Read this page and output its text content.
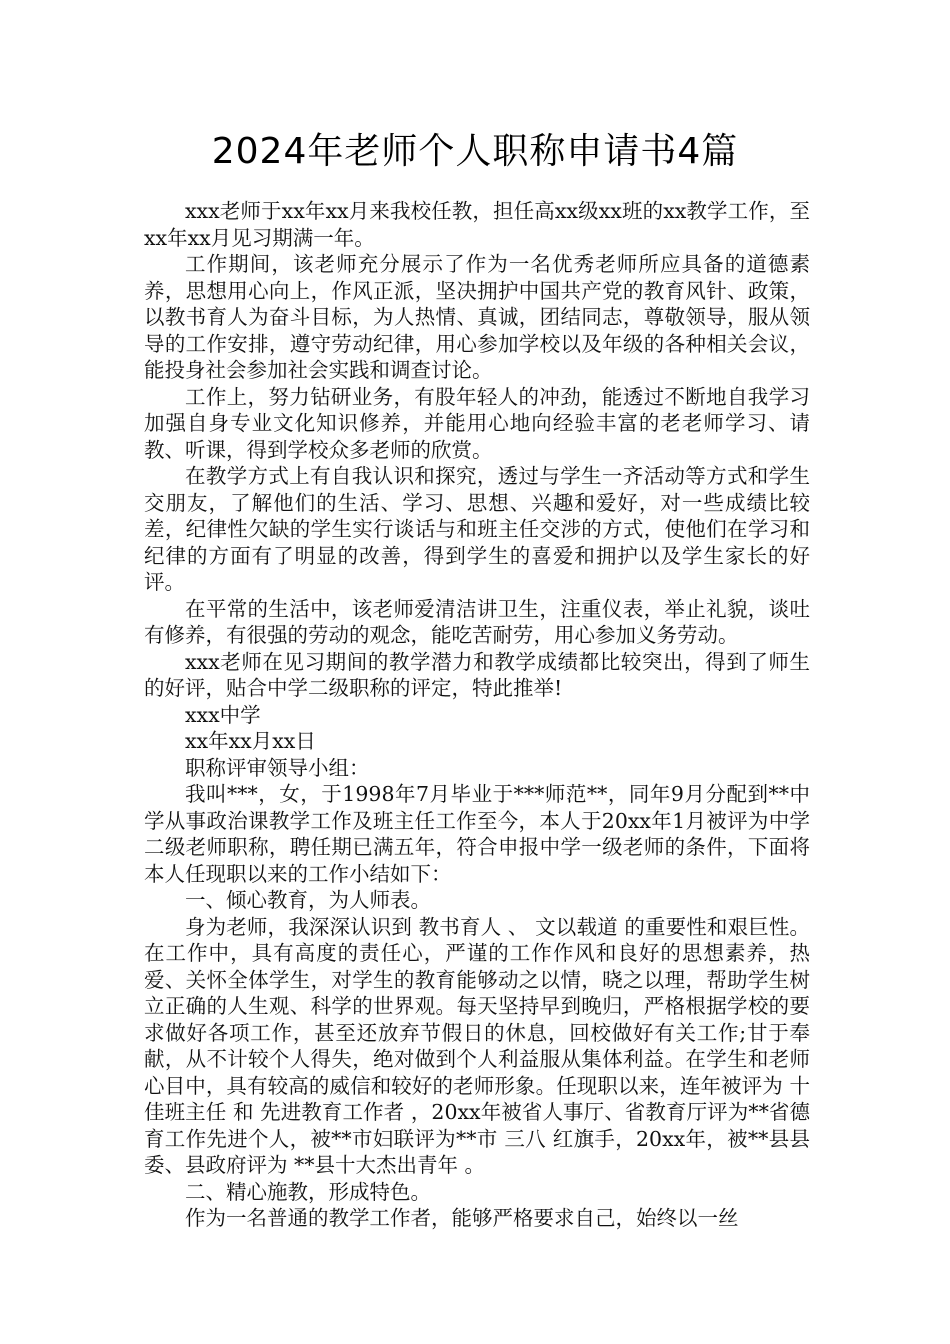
2024年老师个人职称申请书4篇

xxx老师于xx年xx月来我校任教，担任高xx级xx班的xx教学工作，至xx年xx月见习期满一年。

工作期间，该老师充分展示了作为一名优秀老师所应具备的道德素养，思想用心向上，作风正派，坚决拥护中国共产党的教育风针、政策，以教书育人为奋斗目标，为人热情、真诚，团结同志，尊敬领导，服从领导的工作安排，遵守劳动纪律，用心参加学校以及年级的各种相关会议，能投身社会参加社会实践和调查讨论。

工作上，努力钻研业务，有股年轻人的冲劲，能透过不断地自我学习加强自身专业文化知识修养，并能用心地向经验丰富的老老师学习、请教、听课，得到学校众多老师的欣赏。

在教学方式上有自我认识和探究，透过与学生一齐活动等方式和学生交朋友，了解他们的生活、学习、思想、兴趣和爱好，对一些成绩比较差，纪律性欠缺的学生实行谈话与和班主任交涉的方式，使他们在学习和纪律的方面有了明显的改善，得到学生的喜爱和拥护以及学生家长的好评。

在平常的生活中，该老师爱清洁讲卫生，注重仪表，举止礼貌，谈吐有修养，有很强的劳动的观念，能吃苦耐劳，用心参加义务劳动。

xxx老师在见习期间的教学潜力和教学成绩都比较突出，得到了师生的好评，贴合中学二级职称的评定，特此推举!

xxx中学

xx年xx月xx日

职称评审领导小组：

我叫***，女，于1998年7月毕业于***师范**，同年9月分配到**中学从事政治课教学工作及班主任工作至今，本人于20xx年1月被评为中学二级老师职称，聘任期已满五年，符合申报中学一级老师的条件，下面将本人任现职以来的工作小结如下：

一、倾心教育，为人师表。

身为老师，我深深认识到 教书育人 、 文以载道 的重要性和艰巨性。在工作中，具有高度的责任心，严谨的工作作风和良好的思想素养，热爱、关怀全体学生，对学生的教育能够动之以情，晓之以理，帮助学生树立正确的人生观、科学的世界观。每天坚持早到晚归，严格根据学校的要求做好各项工作，甚至还放弃节假日的休息，回校做好有关工作;甘于奉献，从不计较个人得失，绝对做到个人利益服从集体利益。在学生和老师心目中，具有较高的威信和较好的老师形象。任现职以来，连年被评为 十佳班主任 和 先进教育工作者 ，20xx年被省人事厅、省教育厅评为**省德育工作先进个人，被**市妇联评为**市 三八 红旗手，20xx年，被**县县委、县政府评为 **县十大杰出青年 。

二、精心施教，形成特色。

作为一名普通的教学工作者，能够严格要求自己，始终以一丝
